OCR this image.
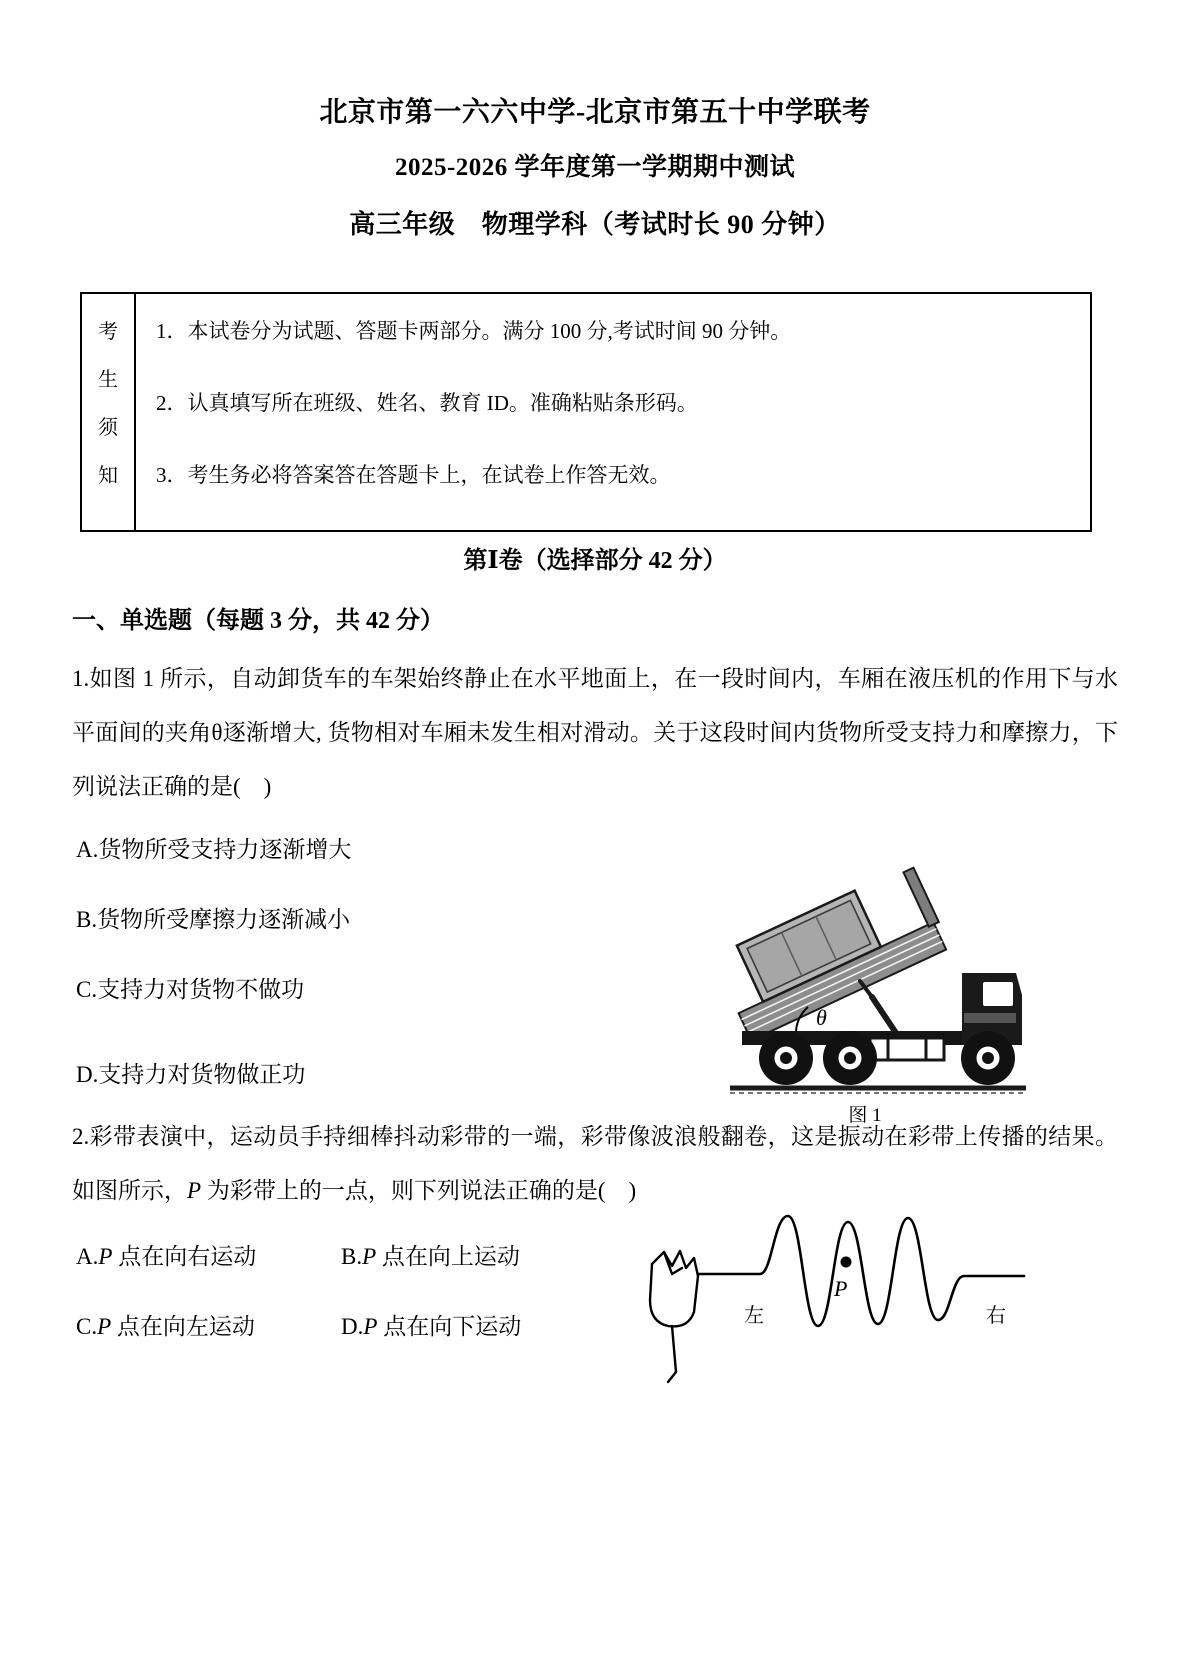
北京市第一六六中学-北京市第五十中学联考
2025-2026 学年度第一学期期中测试
高三年级　物理学科（考试时长 90 分钟）
考
生
须
知
1．本试卷分为试题、答题卡两部分。满分 100 分,考试时间 90 分钟。
2．认真填写所在班级、姓名、教育 ID。准确粘贴条形码。
3．考生务必将答案答在答题卡上，在试卷上作答无效。
第Ⅰ卷（选择部分 42 分）
一、单选题（每题 3 分，共 42 分）
1.如图 1 所示，自动卸货车的车架始终静止在水平地面上，在一段时间内，车厢在液压机的作用下与水平面间的夹角θ逐渐增大, 货物相对车厢未发生相对滑动。关于这段时间内货物所受支持力和摩擦力，下列说法正确的是(　)
A.货物所受支持力逐渐增大
B.货物所受摩擦力逐渐减小
C.支持力对货物不做功
D.支持力对货物做正功
θ
图 1
2.彩带表演中，运动员手持细棒抖动彩带的一端，彩带像波浪般翻卷，这是振动在彩带上传播的结果。如图所示，P 为彩带上的一点，则下列说法正确的是(　)
A.P 点在向右运动	B.P 点在向上运动
C.P 点在向左运动	D.P 点在向下运动
P
左	右
